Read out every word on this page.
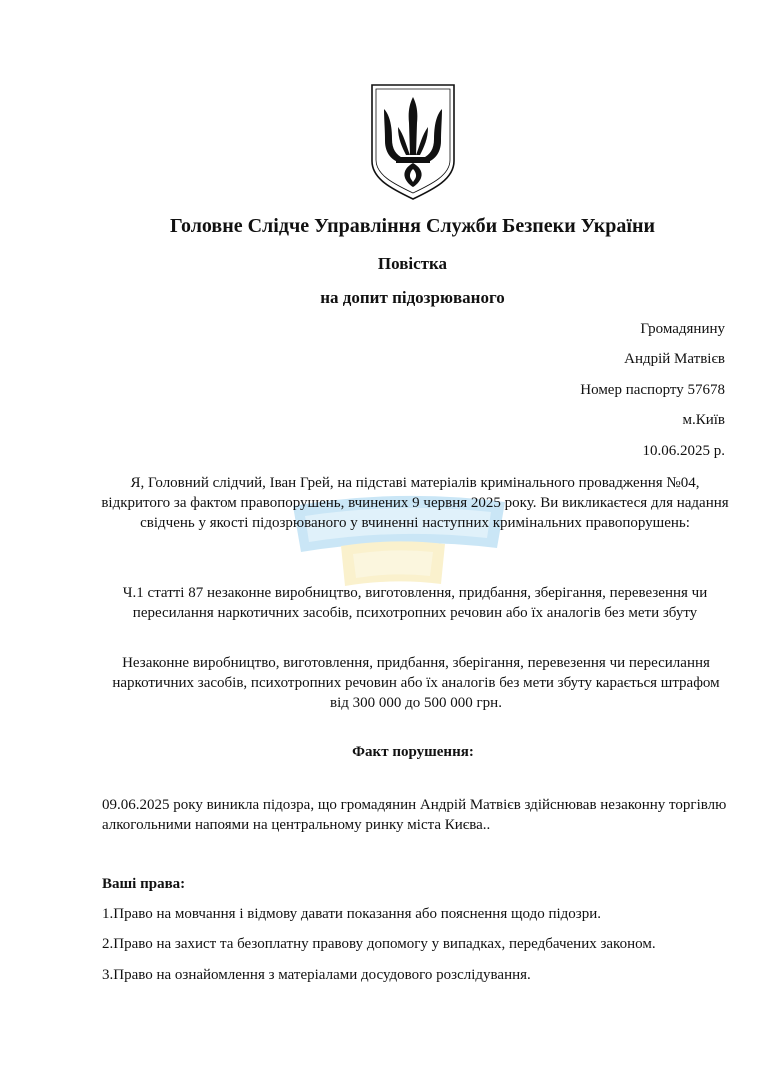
Головне Слідче Управління Служби Безпеки України
Повістка
на допит підозрюваного
Громадянину
Андрій Матвієв
Номер паспорту 57678
м.Київ
10.06.2025 р.
Я, Головний слідчий, Іван Грей, на підставі матеріалів кримінального провадження №04, відкритого за фактом правопорушень, вчинених 9 червня 2025 року. Ви викликаєтеся для надання свідчень у якості підозрюваного у вчиненні наступних кримінальних правопорушень:
Ч.1 статті 87 незаконне виробництво, виготовлення, придбання, зберігання, перевезення чи пересилання наркотичних засобів, психотропних речовин або їх аналогів без мети збуту
Незаконне виробництво, виготовлення, придбання, зберігання, перевезення чи пересилання наркотичних засобів, психотропних речовин або їх аналогів без мети збуту карається штрафом від 300 000 до 500 000 грн.
Факт порушення:
09.06.2025 року виникла підозра, що громадянин Андрій Матвієв здійснював незаконну торгівлю алкогольними напоями на центральному ринку міста Києва..
Ваші права:
1.Право на мовчання і відмову давати показання або пояснення щодо підозри.
2.Право на захист та безоплатну правову допомогу у випадках, передбачених законом.
3.Право на ознайомлення з матеріалами досудового розслідування.
